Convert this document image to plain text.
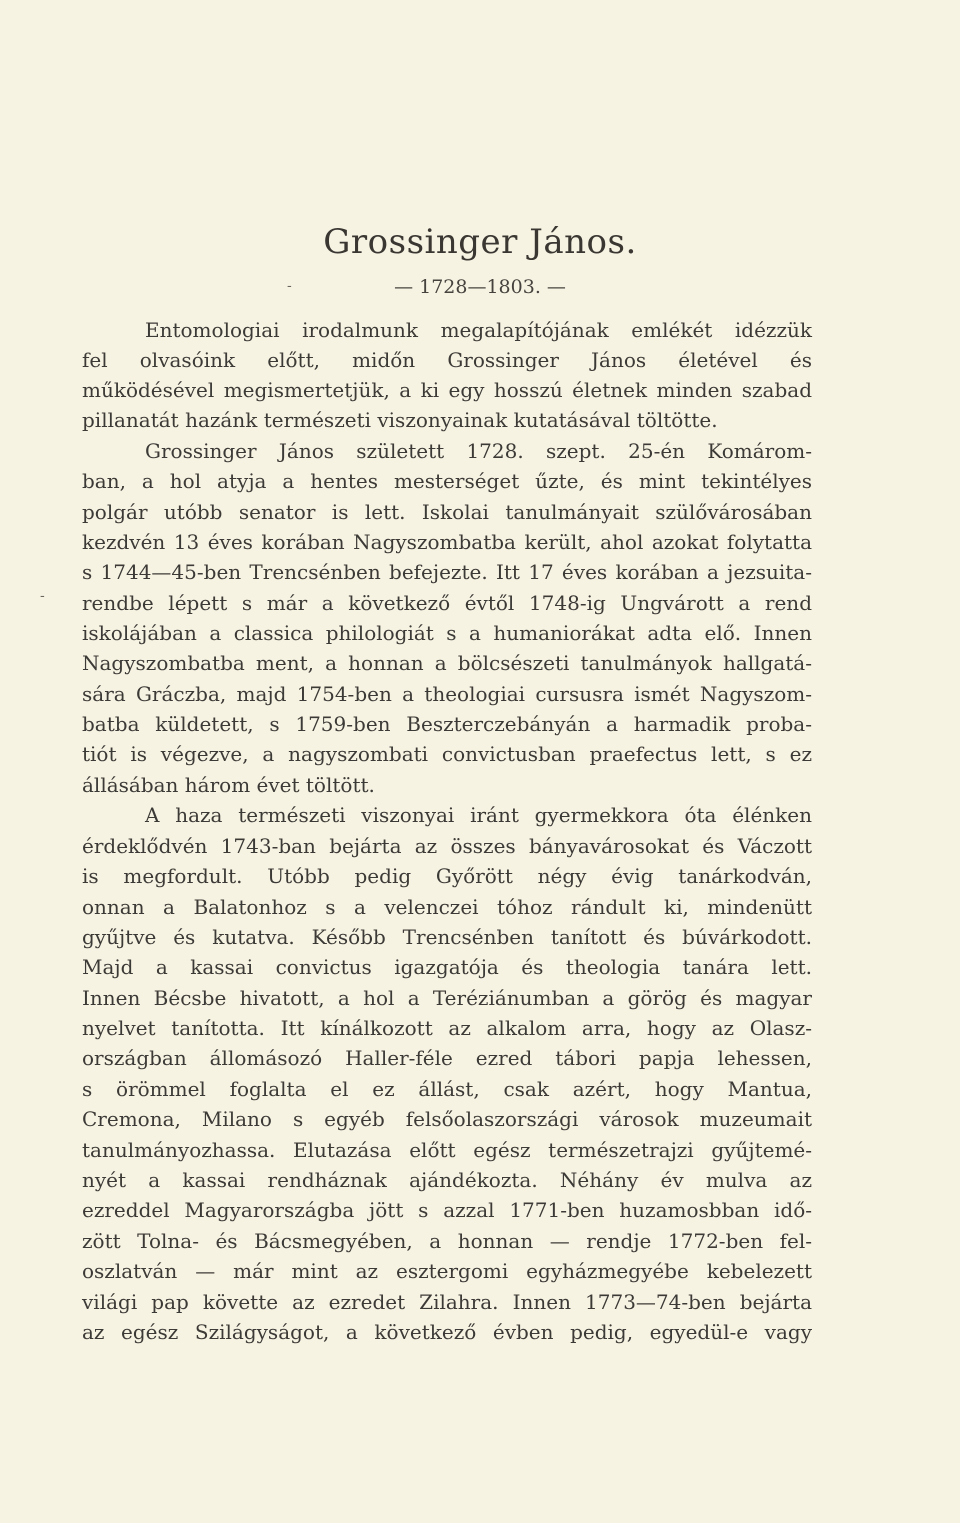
Grossinger János.
-	— 1728—1803. —
-
Entomologiai irodalmunk megalapítójának emlékét idézzük
fel olvasóink előtt, midőn Grossinger János életével és
működésével megismertetjük, a ki egy hosszú életnek minden szabad
pillanatát hazánk természeti viszonyainak kutatásával töltötte.
Grossinger János született 1728. szept. 25-én Komárom-
ban, a hol atyja a hentes mesterséget űzte, és mint tekintélyes
polgár utóbb senator is lett. Iskolai tanulmányait szülővárosában
kezdvén 13 éves korában Nagyszombatba került, ahol azokat folytatta
s 1744—45-ben Trencsénben befejezte. Itt 17 éves korában a jezsuita-
rendbe lépett s már a következő évtől 1748-ig Ungvárott a rend
iskolájában a classica philologiát s a humaniorákat adta elő. Innen
Nagyszombatba ment, a honnan a bölcsészeti tanulmányok hallgatá-
sára Gráczba, majd 1754-ben a theologiai cursusra ismét Nagyszom-
batba küldetett, s 1759-ben Beszterczebányán a harmadik proba-
tiót is végezve, a nagyszombati convictusban praefectus lett, s ez
állásában három évet töltött.
A haza természeti viszonyai iránt gyermekkora óta élénken
érdeklődvén 1743-ban bejárta az összes bányavárosokat és Váczott
is megfordult. Utóbb pedig Győrött négy évig tanárkodván,
onnan a Balatonhoz s a velenczei tóhoz rándult ki, mindenütt
gyűjtve és kutatva. Később Trencsénben tanított és búvárkodott.
Majd a kassai convictus igazgatója és theologia tanára lett.
Innen Bécsbe hivatott, a hol a Teréziánumban a görög és magyar
nyelvet tanította. Itt kínálkozott az alkalom arra, hogy az Olasz-
országban állomásozó Haller-féle ezred tábori papja lehessen,
s örömmel foglalta el ez állást, csak azért, hogy Mantua,
Cremona, Milano s egyéb felsőolaszországi városok muzeumait
tanulmányozhassa. Elutazása előtt egész természetrajzi gyűjtemé-
nyét a kassai rendháznak ajándékozta. Néhány év mulva az
ezreddel Magyarországba jött s azzal 1771-ben huzamosbban idő-
zött Tolna- és Bácsmegyében, a honnan — rendje 1772-ben fel-
oszlatván — már mint az esztergomi egyházmegyébe kebelezett
világi pap követte az ezredet Zilahra. Innen 1773—74-ben bejárta
az egész Szilágyságot, a következő évben pedig, egyedül-e vagy
